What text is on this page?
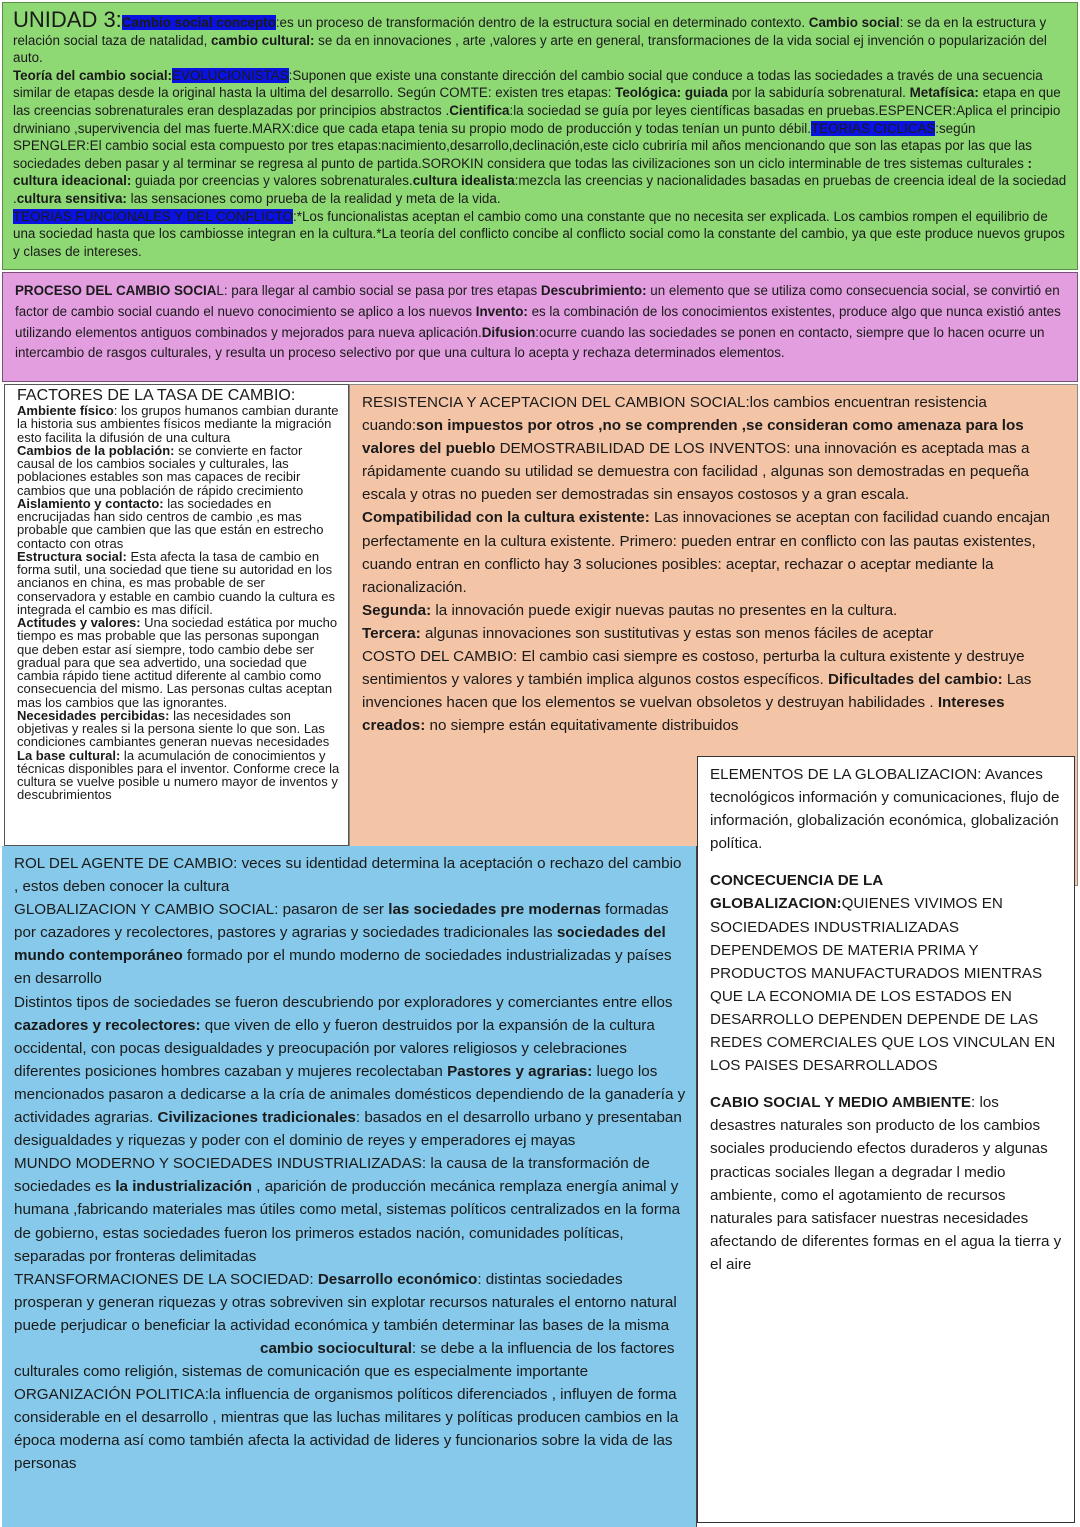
UNIDAD 3:Cambio social concepto:es un proceso de transformación dentro de la estructura social en determinado contexto. Cambio social: se da en la estructura y relación social taza de natalidad, cambio cultural: se da en innovaciones , arte ,valores y arte en general, transformaciones de la vida social ej invención o popularización del auto.
Teoría del cambio social:EVOLUCIONISTAS:Suponen que existe una constante dirección del cambio social que conduce a todas las sociedades a través de una secuencia similar de etapas desde la original hasta la ultima del desarrollo. Según COMTE: existen tres etapas: Teológica: guiada por la sabiduría sobrenatural. Metafísica: etapa en que las creencias sobrenaturales eran desplazadas por principios abstractos .Cientifica:la sociedad se guía por leyes científicas basadas en pruebas.ESPENCER:Aplica el principio drwiniano ,supervivencia del mas fuerte.MARX:dice que cada etapa tenia su propio modo de producción y todas tenían un punto débil.TEORIAS CICLICAS:según SPENGLER:El cambio social esta compuesto por tres etapas:nacimiento,desarrollo,declinación,este ciclo cubriría mil años mencionando que son las etapas por las que las sociedades deben pasar y al terminar se regresa al punto de partida.SOROKIN considera que todas las civilizaciones son un ciclo interminable de tres sistemas culturales : cultura ideacional: guiada por creencias y valores sobrenaturales.cultura idealista:mezcla las creencias y nacionalidades basadas en pruebas de creencia ideal de la sociedad .cultura sensitiva: las sensaciones como prueba de la realidad y meta de la vida.
TEORIAS FUNCIONALES Y DEL CONFLICTO:*Los funcionalistas aceptan el cambio como una constante que no necesita ser explicada. Los cambios rompen el equilibrio de una sociedad hasta que los cambiosse integran en la cultura.*La teoría del conflicto concibe al conflicto social como la constante del cambio, ya que este produce nuevos grupos y clases de intereses.
PROCESO DEL CAMBIO SOCIAL: para llegar al cambio social se pasa por tres etapas Descubrimiento: un elemento que se utiliza como consecuencia social, se convirtió en factor de cambio social cuando el nuevo conocimiento se aplico a los nuevos Invento: es la combinación de los conocimientos existentes, produce algo que nunca existió antes utilizando elementos antiguos combinados y mejorados para nueva aplicación.Difusion:ocurre cuando las sociedades se ponen en contacto, siempre que lo hacen ocurre un intercambio de rasgos culturales, y resulta un proceso selectivo por que una cultura lo acepta y rechaza determinados elementos.
FACTORES DE LA TASA DE CAMBIO:
Ambiente físico: los grupos humanos cambian durante la historia sus ambientes físicos mediante la migración esto facilita la difusión de una cultura
Cambios de la población: se convierte en factor causal de los cambios sociales y culturales, las poblaciones estables son mas capaces de recibir cambios que una población de rápido crecimiento
Aislamiento y contacto: las sociedades en encrucijadas han sido centros de cambio ,es mas probable que cambien que las que están en estrecho contacto con otras
Estructura social: Esta afecta la tasa de cambio en forma sutil, una sociedad que tiene su autoridad en los ancianos en china, es mas probable de ser conservadora y estable en cambio cuando la cultura es integrada el cambio es mas difícil.
Actitudes y valores: Una sociedad estática por mucho tiempo es mas probable que las personas supongan que deben estar así siempre, todo cambio debe ser gradual para que sea advertido, una sociedad que cambia rápido tiene actitud diferente al cambio como consecuencia del mismo. Las personas cultas aceptan mas los cambios que las ignorantes.
Necesidades percibidas: las necesidades son objetivas y reales si la persona siente lo que son. Las condiciones cambiantes generan nuevas necesidades
La base cultural: la acumulación de conocimientos y técnicas disponibles para el inventor. Conforme crece la cultura se vuelve posible u numero mayor de inventos y descubrimientos
RESISTENCIA Y ACEPTACION DEL CAMBION SOCIAL:los cambios encuentran resistencia cuando:son impuestos por otros ,no se comprenden ,se consideran como amenaza para los valores del pueblo DEMOSTRABILIDAD DE LOS INVENTOS: una innovación es aceptada mas a rápidamente cuando su utilidad se demuestra con facilidad , algunas son demostradas en pequeña escala y otras no pueden ser demostradas sin ensayos costosos y a gran escala.
Compatibilidad con la cultura existente: Las innovaciones se aceptan con facilidad cuando encajan perfectamente en la cultura existente. Primero: pueden entrar en conflicto con las pautas existentes, cuando entran en conflicto hay 3 soluciones posibles: aceptar, rechazar o aceptar mediante la racionalización.
Segunda: la innovación puede exigir nuevas pautas no presentes en la cultura.
Tercera: algunas innovaciones son sustitutivas y estas son menos fáciles de aceptar
COSTO DEL CAMBIO: El cambio casi siempre es costoso, perturba la cultura existente y destruye sentimientos y valores y también implica algunos costos específicos. Dificultades del cambio: Las invenciones hacen que los elementos se vuelvan obsoletos y destruyan habilidades . Intereses creados: no siempre están equitativamente distribuidos

ROL DEL AGENTE DE CAMBIO: veces su identidad determina la aceptación o rechazo del cambio , estos deben conocer la cultura

GLOBALIZACION Y CAMBIO SOCIAL: pasaron de ser las sociedades pre modernas formadas por cazadores y recolectores, pastores y agrarias y sociedades tradicionales las sociedades del mundo contemporáneo formado por el mundo moderno de sociedades industrializadas y países en desarrollo

Distintos tipos de sociedades se fueron descubriendo por exploradores y comerciantes entre ellos cazadores y recolectores: que viven de ello y fueron destruidos por la expansión de la cultura occidental, con pocas desigualdades y preocupación por valores religiosos y celebraciones diferentes posiciones hombres cazaban y mujeres recolectaban Pastores y agrarias: luego los mencionados pasaron a dedicarse a la cría de animales domésticos dependiendo de la ganadería y actividades agrarias. Civilizaciones tradicionales: basados en el desarrollo urbano y presentaban desigualdades y riquezas y poder con el dominio de reyes y emperadores ej mayas

MUNDO MODERNO Y SOCIEDADES INDUSTRIALIZADAS: la causa de la transformación de sociedades es la industrialización , aparición de producción mecánica remplaza energía animal y humana ,fabricando materiales mas útiles como metal, sistemas políticos centralizados en la forma de gobierno, estas sociedades fueron los primeros estados nación, comunidades políticas, separadas por fronteras delimitadas

TRANSFORMACIONES DE LA SOCIEDAD: Desarrollo económico: distintas sociedades prosperan y generan riquezas y otras sobreviven sin explotar recursos naturales el entorno natural puede perjudicar o beneficiar la actividad económica y también determinar las bases de la mismacambio sociocultural: se debe a la influencia de los factores culturales como religión, sistemas de comunicación que es especialmente importante

ORGANIZACIÓN POLITICA:la influencia de organismos políticos diferenciados , influyen de forma considerable en el desarrollo , mientras que las luchas militares y políticas producen cambios en la época moderna así como también afecta la actividad de lideres y funcionarios sobre la vida de las personas

ELEMENTOS DE LA GLOBALIZACION: Avances tecnológicos información y comunicaciones, flujo de información, globalización económica, globalización política.

CONCECUENCIA DE LA GLOBALIZACION:QUIENES VIVIMOS EN SOCIEDADES INDUSTRIALIZADAS DEPENDEMOS DE MATERIA PRIMA Y PRODUCTOS MANUFACTURADOS MIENTRAS QUE LA ECONOMIA DE LOS ESTADOS EN DESARROLLO DEPENDEN DEPENDE DE LAS REDES COMERCIALES QUE LOS VINCULAN EN LOS PAISES DESARROLLADOS

CABIO SOCIAL Y MEDIO AMBIENTE: los desastres naturales son producto de los cambios sociales produciendo efectos duraderos y algunas practicas sociales llegan a degradar l medio ambiente, como el agotamiento de recursos naturales para satisfacer nuestras necesidades afectando de diferentes formas en el agua la tierra y el aire
